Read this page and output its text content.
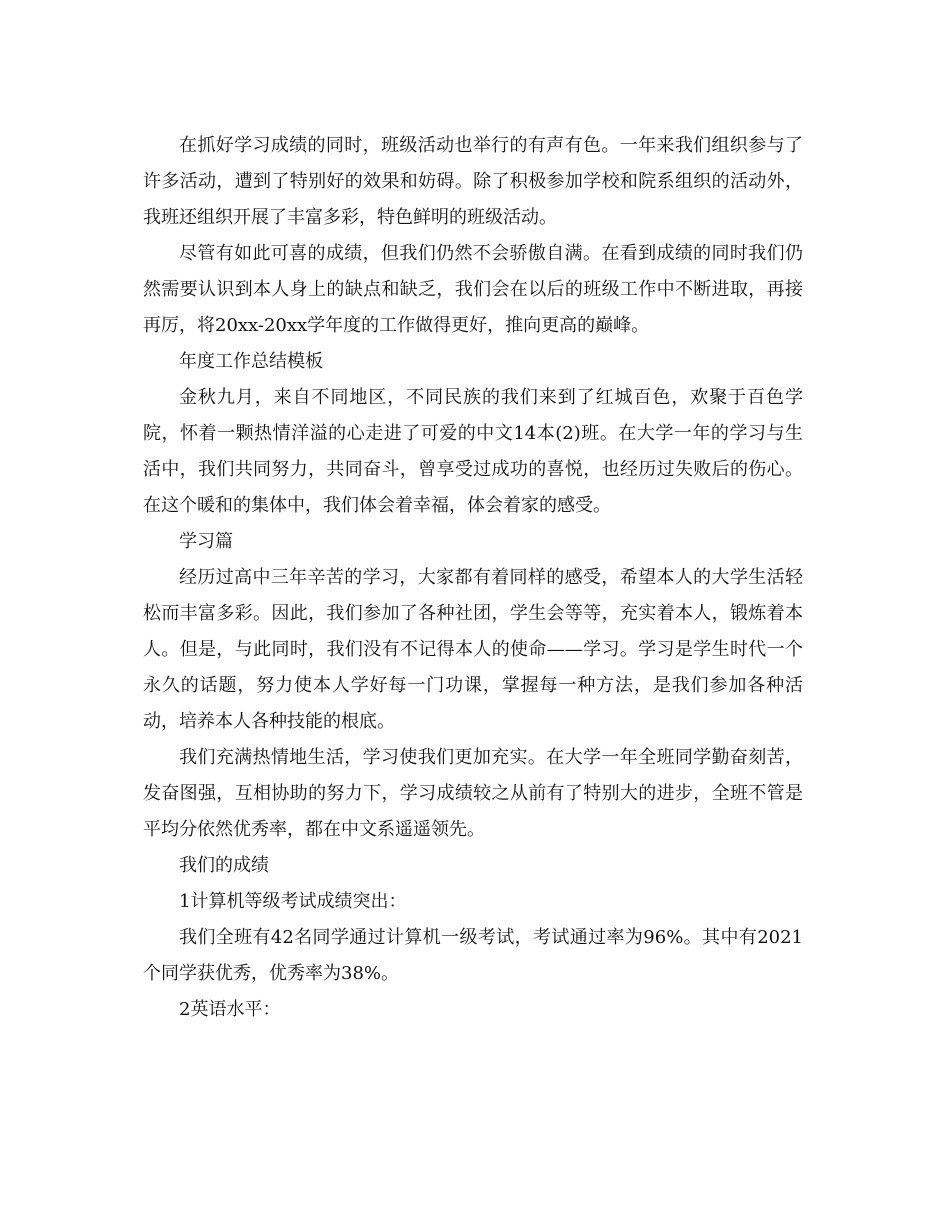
在抓好学习成绩的同时，班级活动也举行的有声有色。一年来我们组织参与了许多活动，遭到了特别好的效果和妨碍。除了积极参加学校和院系组织的活动外，我班还组织开展了丰富多彩，特色鲜明的班级活动。

尽管有如此可喜的成绩，但我们仍然不会骄傲自满。在看到成绩的同时我们仍然需要认识到本人身上的缺点和缺乏，我们会在以后的班级工作中不断进取，再接再厉，将20xx-20xx学年度的工作做得更好，推向更高的巅峰。

年度工作总结模板

金秋九月，来自不同地区，不同民族的我们来到了红城百色，欢聚于百色学院，怀着一颗热情洋溢的心走进了可爱的中文14本(2)班。在大学一年的学习与生活中，我们共同努力，共同奋斗，曾享受过成功的喜悦，也经历过失败后的伤心。在这个暖和的集体中，我们体会着幸福，体会着家的感受。

学习篇

经历过高中三年辛苦的学习，大家都有着同样的感受，希望本人的大学生活轻松而丰富多彩。因此，我们参加了各种社团，学生会等等，充实着本人，锻炼着本人。但是，与此同时，我们没有不记得本人的使命——学习。学习是学生时代一个永久的话题，努力使本人学好每一门功课，掌握每一种方法，是我们参加各种活动，培养本人各种技能的根底。

我们充满热情地生活，学习使我们更加充实。在大学一年全班同学勤奋刻苦，发奋图强，互相协助的努力下，学习成绩较之从前有了特别大的进步，全班不管是平均分依然优秀率，都在中文系遥遥领先。

我们的成绩

1计算机等级考试成绩突出：

我们全班有42名同学通过计算机一级考试，考试通过率为96%。其中有2021个同学获优秀，优秀率为38%。

2英语水平：
